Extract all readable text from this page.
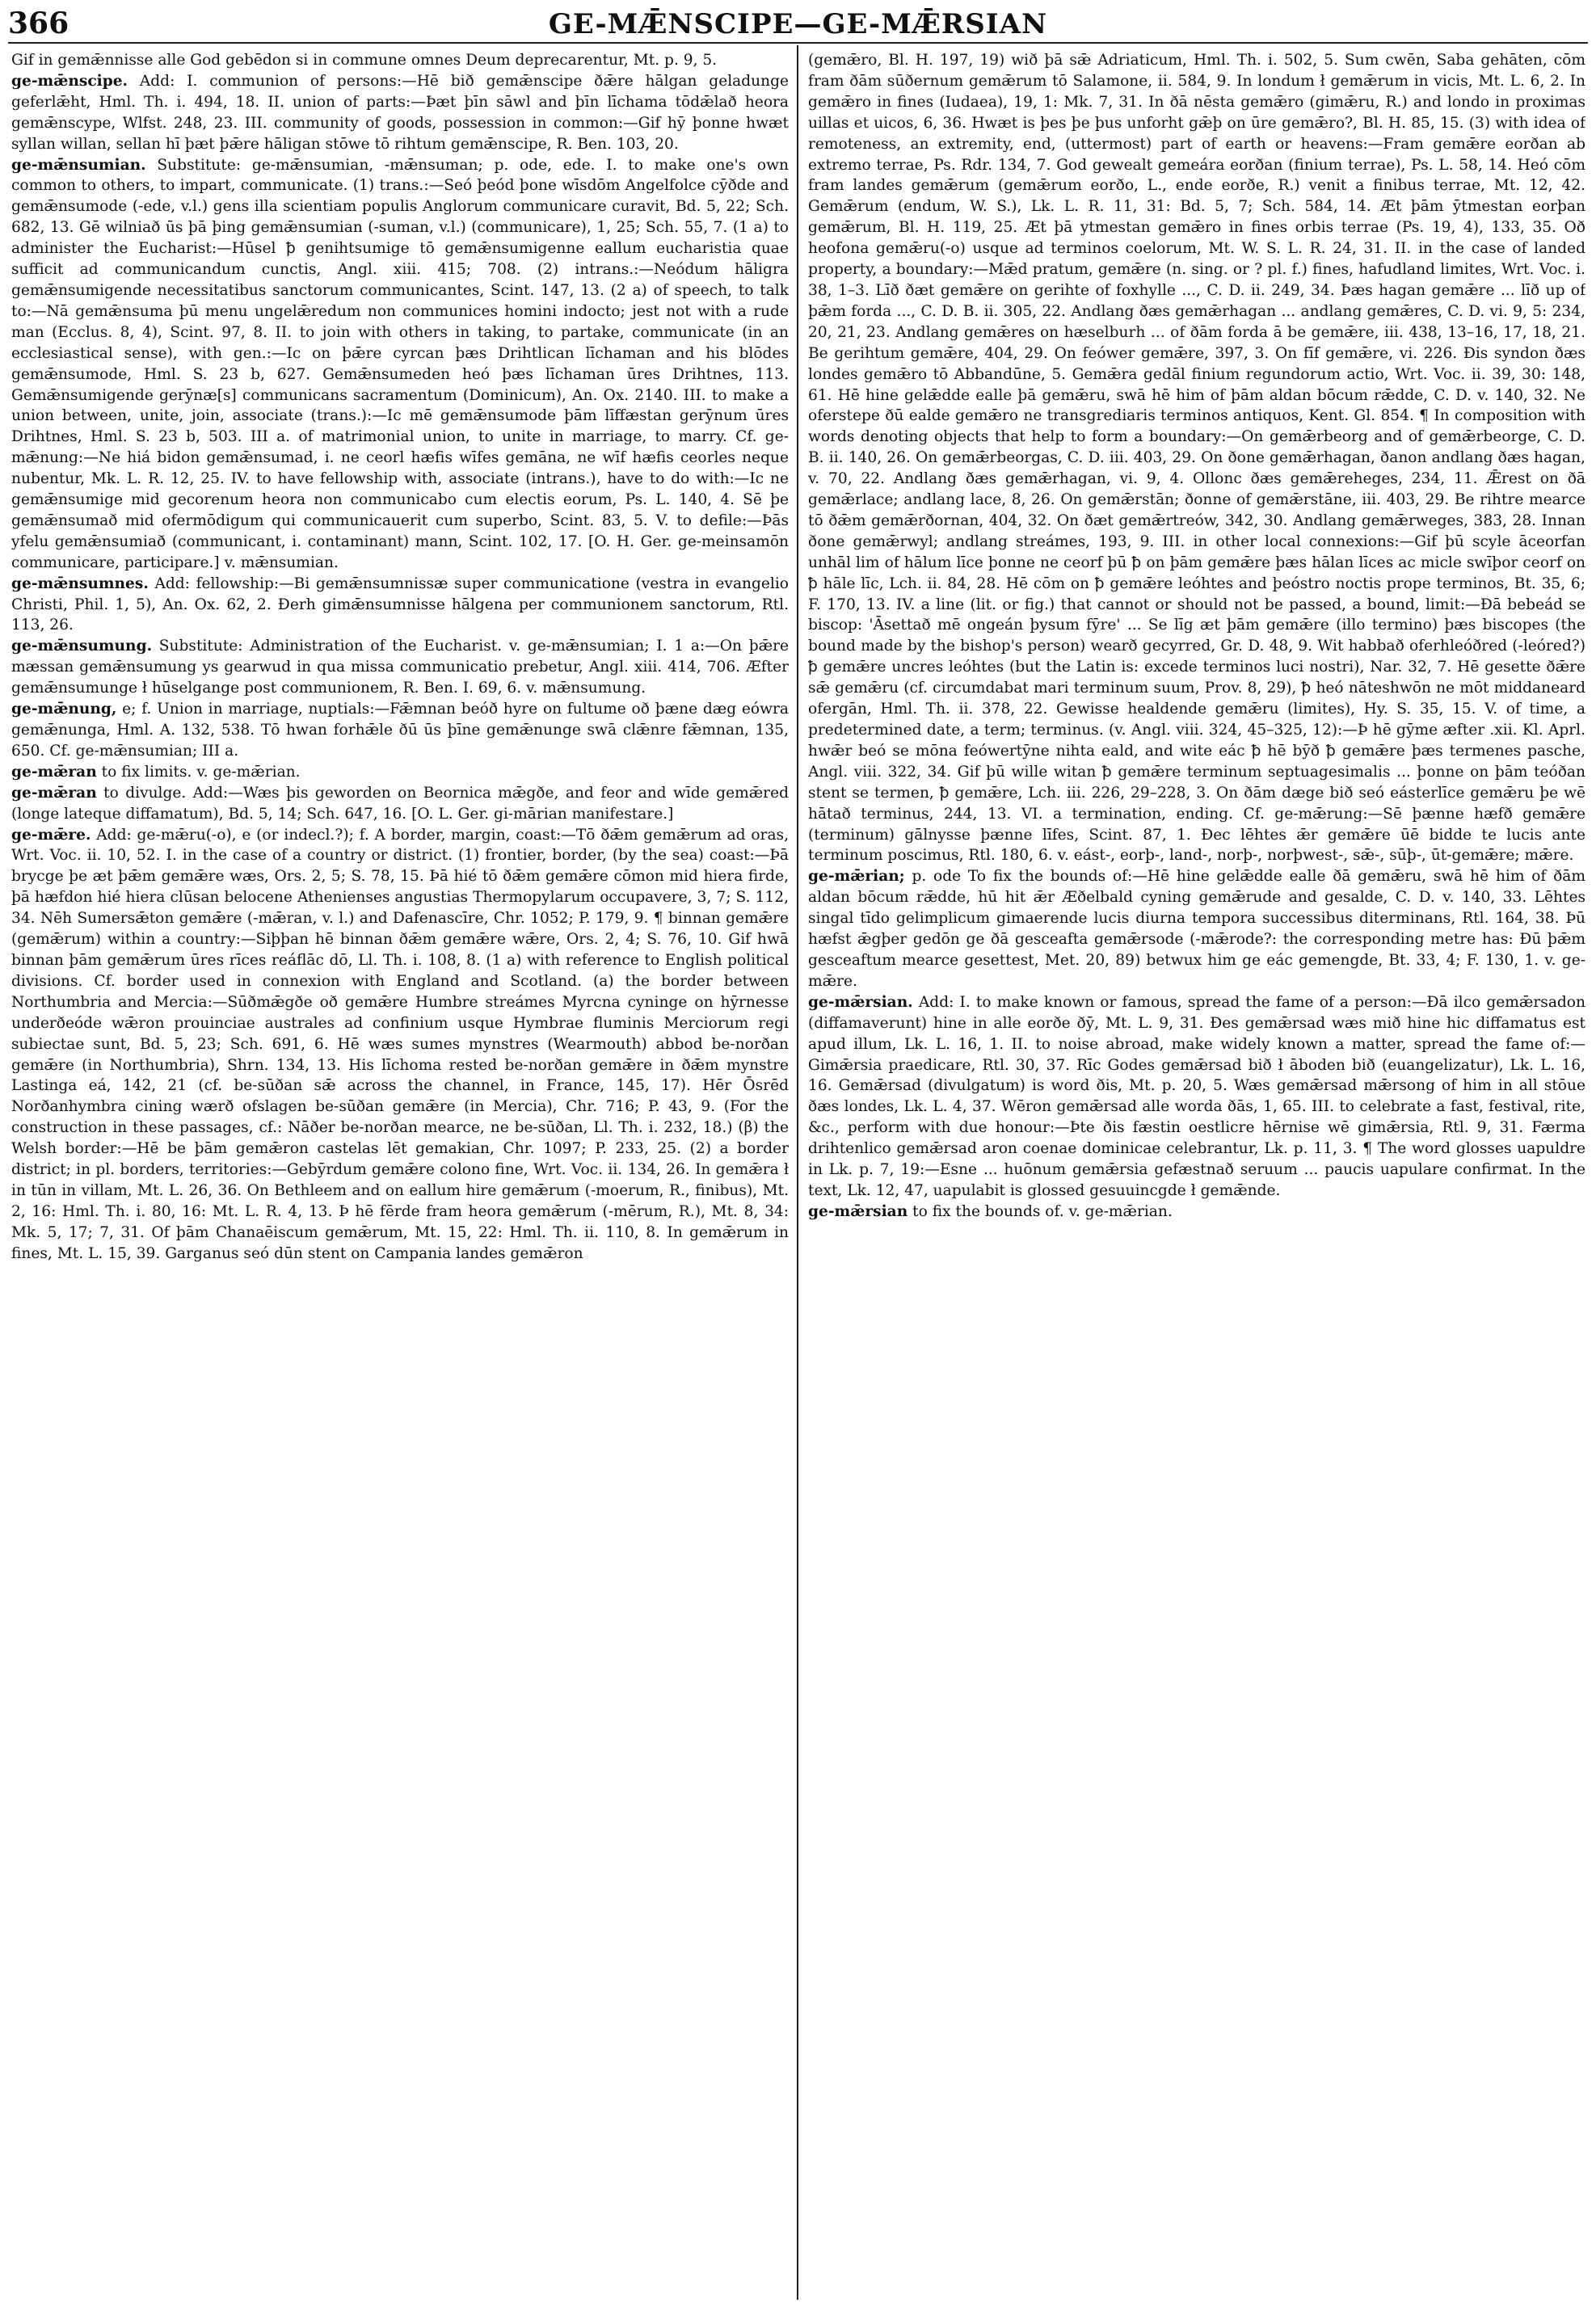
366	GE-MǢNSCIPE—GE-MǢRSIAN

Gif in gemǣnnisse alle God gebēdon si in commune omnes Deum deprecarentur, Mt. p. 9, 5.

ge-mǣnscipe. Add: I. communion of persons:—Hē bið gemǣnscipe ðǣre hālgan geladunge geferlǣht, Hml. Th. i. 494, 18. II. union of parts:—Þæt þīn sāwl and þīn līchama tōdǣlað heora gemǣnscype, Wlfst. 248, 23. III. community of goods, possession in common:—Gif hȳ þonne hwæt syllan willan, sellan hī þæt þǣre hāligan stōwe tō rihtum gemǣnscipe, R. Ben. 103, 20.

ge-mǣnsumian. Substitute: ge-mǣnsumian, -mǣnsuman; p. ode, ede. I. to make one's own common to others, to impart, communicate. (1) trans.:—Seó þeód þone wīsdōm Angelfolce cȳðde and gemǣnsumode (-ede, v.l.) gens illa scientiam populis Anglorum communicare curavit, Bd. 5, 22; Sch. 682, 13. Gē wilniað ūs þā þing gemǣnsumian (-suman, v.l.) (communicare), 1, 25; Sch. 55, 7. (1 a) to administer the Eucharist:—Hūsel ꝥ genihtsumige tō gemǣnsumigenne eallum eucharistia quae sufficit ad communicandum cunctis, Angl. xiii. 415; 708. (2) intrans.:—Neódum hāligra gemǣnsumigende necessitatibus sanctorum communicantes, Scint. 147, 13. (2 a) of speech, to talk to:—Nā gemǣnsuma þū menu ungelǣredum non communices homini indocto; jest not with a rude man (Ecclus. 8, 4), Scint. 97, 8. II. to join with others in taking, to partake, communicate (in an ecclesiastical sense), with gen.:—Ic on þǣre cyrcan þæs Drihtlican līchaman and his blōdes gemǣnsumode, Hml. S. 23 b, 627. Gemǣnsumeden heó þæs līchaman ūres Drihtnes, 113. Gemǣnsumigende gerȳnæ[s] communicans sacramentum (Dominicum), An. Ox. 2140. III. to make a union between, unite, join, associate (trans.):—Ic mē gemǣnsumode þām līffæstan gerȳnum ūres Drihtnes, Hml. S. 23 b, 503. III a. of matrimonial union, to unite in marriage, to marry. Cf. ge-mǣnung:—Ne hiá bidon gemǣnsumad, i. ne ceorl hæfis wīfes gemāna, ne wīf hæfis ceorles neque nubentur, Mk. L. R. 12, 25. IV. to have fellowship with, associate (intrans.), have to do with:—Ic ne gemǣnsumige mid gecorenum heora non communicabo cum electis eorum, Ps. L. 140, 4. Sē þe gemǣnsumað mid ofermōdigum qui communicauerit cum superbo, Scint. 83, 5. V. to defile:—Þās yfelu gemǣnsumiað (communicant, i. contaminant) mann, Scint. 102, 17. [O. H. Ger. ge-meinsamōn communicare, participare.] v. mǣnsumian.

ge-mǣnsumnes. Add: fellowship:—Bi gemǣnsumnissæ super communicatione (vestra in evangelio Christi, Phil. 1, 5), An. Ox. 62, 2. Ðerh gimǣnsumnisse hālgena per communionem sanctorum, Rtl. 113, 26.

ge-mǣnsumung. Substitute: Administration of the Eucharist. v. ge-mǣnsumian; I. 1 a:—On þǣre mæssan gemǣnsumung ys gearwud in qua missa communicatio prebetur, Angl. xiii. 414, 706. Æfter gemǣnsumunge ł hūselgange post communionem, R. Ben. I. 69, 6. v. mǣnsumung.

ge-mǣnung, e; f. Union in marriage, nuptials:—Fǣmnan beóð hyre on fultume oð þæne dæg eówra gemǣnunga, Hml. A. 132, 538. Tō hwan forhǣle ðū ūs þīne gemǣnunge swā clǣnre fǣmnan, 135, 650. Cf. ge-mǣnsumian; III a.

ge-mǣran to fix limits. v. ge-mǣrian.

ge-mǣran to divulge. Add:—Wæs þis geworden on Beornica mǣgðe, and feor and wīde gemǣred (longe lateque diffamatum), Bd. 5, 14; Sch. 647, 16. [O. L. Ger. gi-mārian manifestare.]

ge-mǣre. Add: ge-mǣru(-o), e (or indecl.?); f. A border, margin, coast:—Tō ðǣm gemǣrum ad oras, Wrt. Voc. ii. 10, 52. I. in the case of a country or district. (1) frontier, border, (by the sea) coast:—Þā brycge þe æt þǣm gemǣre wæs, Ors. 2, 5; S. 78, 15. Þā hié tō ðǣm gemǣre cōmon mid hiera firde, þā hæfdon hié hiera clūsan belocene Athenienses angustias Thermopylarum occupavere, 3, 7; S. 112, 34. Nēh Sumersǣton gemǣre (-mǣran, v. l.) and Dafenascīre, Chr. 1052; P. 179, 9. ¶ binnan gemǣre (gemǣrum) within a country:—Siþþan hē binnan ðǣm gemǣre wǣre, Ors. 2, 4; S. 76, 10. Gif hwā binnan þām gemǣrum ūres rīces reáflāc dō, Ll. Th. i. 108, 8. (1 a) with reference to English political divisions. Cf. border used in connexion with England and Scotland. (a) the border between Northumbria and Mercia:—Sūðmǣgðe oð gemǣre Humbre streámes Myrcna cyninge on hȳrnesse underðeóde wǣron prouinciae australes ad confinium usque Hymbrae fluminis Merciorum regi subiectae sunt, Bd. 5, 23; Sch. 691, 6. Hē wæs sumes mynstres (Wearmouth) abbod be-norðan gemǣre (in Northumbria), Shrn. 134, 13. His līchoma rested be-norðan gemǣre in ðǣm mynstre Lastinga eá, 142, 21 (cf. be-sūðan sǣ across the channel, in France, 145, 17). Hēr Ōsrēd Norðanhymbra cining wærð ofslagen be-sūðan gemǣre (in Mercia), Chr. 716; P. 43, 9. (For the construction in these passages, cf.: Nāðer be-norðan mearce, ne be-sūðan, Ll. Th. i. 232, 18.) (β) the Welsh border:—Hē be þām gemǣron castelas lēt gemakian, Chr. 1097; P. 233, 25. (2) a border district; in pl. borders, territories:—Gebȳrdum gemǣre colono fine, Wrt. Voc. ii. 134, 26. In gemǣra ł in tūn in villam, Mt. L. 26, 36. On Bethleem and on eallum hire gemǣrum (-moerum, R., finibus), Mt. 2, 16: Hml. Th. i. 80, 16: Mt. L. R. 4, 13. Þ hē fērde fram heora gemǣrum (-mērum, R.), Mt. 8, 34: Mk. 5, 17; 7, 31. Of þām Chanaēiscum gemǣrum, Mt. 15, 22: Hml. Th. ii. 110, 8. In gemǣrum in fines, Mt. L. 15, 39. Garganus seó dūn stent on Campania landes gemǣron

(gemǣro, Bl. H. 197, 19) wið þā sǣ Adriaticum, Hml. Th. i. 502, 5. Sum cwēn, Saba gehāten, cōm fram ðām sūðernum gemǣrum tō Salamone, ii. 584, 9. In londum ł gemǣrum in vicis, Mt. L. 6, 2. In gemǣro in fines (Iudaea), 19, 1: Mk. 7, 31. In ðā nēsta gemǣro (gimǣru, R.) and londo in proximas uillas et uicos, 6, 36. Hwæt is þes þe þus unforht gǣþ on ūre gemǣro?, Bl. H. 85, 15. (3) with idea of remoteness, an extremity, end, (uttermost) part of earth or heavens:—Fram gemǣre eorðan ab extremo terrae, Ps. Rdr. 134, 7. God gewealt gemeára eorðan (finium terrae), Ps. L. 58, 14. Heó cōm fram landes gemǣrum (gemǣrum eorðo, L., ende eorðe, R.) venit a finibus terrae, Mt. 12, 42. Gemǣrum (endum, W. S.), Lk. L. R. 11, 31: Bd. 5, 7; Sch. 584, 14. Æt þām ȳtmestan eorþan gemǣrum, Bl. H. 119, 25. Æt þā ytmestan gemǣro in fines orbis terrae (Ps. 19, 4), 133, 35. Oð heofona gemǣru(-o) usque ad terminos coelorum, Mt. W. S. L. R. 24, 31. II. in the case of landed property, a boundary:—Mǣd pratum, gemǣre (n. sing. or ? pl. f.) fines, hafudland limites, Wrt. Voc. i. 38, 1–3. Līð ðæt gemǣre on gerihte of foxhylle ..., C. D. ii. 249, 34. Þæs hagan gemǣre ... līð up of þǣm forda ..., C. D. B. ii. 305, 22. Andlang ðæs gemǣrhagan ... andlang gemǣres, C. D. vi. 9, 5: 234, 20, 21, 23. Andlang gemǣres on hæselburh ... of ðām forda ā be gemǣre, iii. 438, 13–16, 17, 18, 21. Be gerihtum gemǣre, 404, 29. On feówer gemǣre, 397, 3. On fīf gemǣre, vi. 226. Ðis syndon ðæs londes gemǣro tō Abbandūne, 5. Gemǣra gedāl finium regundorum actio, Wrt. Voc. ii. 39, 30: 148, 61. Hē hine gelǣdde ealle þā gemǣru, swā hē him of þām aldan bōcum rǣdde, C. D. v. 140, 32. Ne oferstepe ðū ealde gemǣro ne transgrediaris terminos antiquos, Kent. Gl. 854. ¶ In composition with words denoting objects that help to form a boundary:—On gemǣrbeorg and of gemǣrbeorge, C. D. B. ii. 140, 26. On gemǣrbeorgas, C. D. iii. 403, 29. On ðone gemǣrhagan, ðanon andlang ðæs hagan, v. 70, 22. Andlang ðæs gemǣrhagan, vi. 9, 4. Ollonc ðæs gemǣreheges, 234, 11. Ǣrest on ðā gemǣrlace; andlang lace, 8, 26. On gemǣrstān; ðonne of gemǣrstāne, iii. 403, 29. Be rihtre mearce tō ðǣm gemǣrðornan, 404, 32. On ðæt gemǣrtreów, 342, 30. Andlang gemǣrweges, 383, 28. Innan ðone gemǣrwyl; andlang streámes, 193, 9. III. in other local connexions:—Gif þū scyle āceorfan unhāl lim of hālum līce þonne ne ceorf þū ꝥ on þām gemǣre þæs hālan līces ac micle swīþor ceorf on ꝥ hāle līc, Lch. ii. 84, 28. Hē cōm on ꝥ gemǣre leóhtes and þeóstro noctis prope terminos, Bt. 35, 6; F. 170, 13. IV. a line (lit. or fig.) that cannot or should not be passed, a bound, limit:—Ðā bebeád se biscop: 'Āsettað mē ongeán þysum fȳre' ... Se līg æt þām gemǣre (illo termino) þæs biscopes (the bound made by the bishop's person) wearð gecyrred, Gr. D. 48, 9. Wit habbað oferhleóðred (-leóred?) ꝥ gemǣre uncres leóhtes (but the Latin is: excede terminos luci nostri), Nar. 32, 7. Hē gesette ðǣre sǣ gemǣru (cf. circumdabat mari terminum suum, Prov. 8, 29), ꝥ heó nāteshwōn ne mōt middaneard ofergān, Hml. Th. ii. 378, 22. Gewisse healdende gemǣru (limites), Hy. S. 35, 15. V. of time, a predetermined date, a term; terminus. (v. Angl. viii. 324, 45–325, 12):—Þ hē gȳme æfter .xii. Kl. Aprl. hwǣr beó se mōna feówertȳne nihta eald, and wite eác ꝥ hē bȳð ꝥ gemǣre þæs termenes pasche, Angl. viii. 322, 34. Gif þū wille witan ꝥ gemǣre terminum septuagesimalis ... þonne on þām teóðan stent se termen, ꝥ gemǣre, Lch. iii. 226, 29–228, 3. On ðām dæge bið seó eásterlīce gemǣru þe wē hātað terminus, 244, 13. VI. a termination, ending. Cf. ge-mǣrung:—Sē þænne hæfð gemǣre (terminum) gālnysse þænne līfes, Scint. 87, 1. Ðec lēhtes ǣr gemǣre ūē bidde te lucis ante terminum poscimus, Rtl. 180, 6. v. eást-, eorþ-, land-, norþ-, norþwest-, sǣ-, sūþ-, ūt-gemǣre; mǣre.

ge-mǣrian; p. ode To fix the bounds of:—Hē hine gelǣdde ealle ðā gemǣru, swā hē him of ðām aldan bōcum rǣdde, hū hit ǣr Æðelbald cyning gemǣrude and gesalde, C. D. v. 140, 33. Lēhtes singal tīdo gelimplicum gimaerende lucis diurna tempora successibus diterminans, Rtl. 164, 38. Þū hæfst ǣgþer gedōn ge ðā gesceafta gemǣrsode (-mǣrode?: the corresponding metre has: Ðū þǣm gesceaftum mearce gesettest, Met. 20, 89) betwux him ge eác gemengde, Bt. 33, 4; F. 130, 1. v. ge-mǣre.

ge-mǣrsian. Add: I. to make known or famous, spread the fame of a person:—Ðā ilco gemǣrsadon (diffamaverunt) hine in alle eorðe ðȳ, Mt. L. 9, 31. Ðes gemǣrsad wæs mið hine hic diffamatus est apud illum, Lk. L. 16, 1. II. to noise abroad, make widely known a matter, spread the fame of:—Gimǣrsia praedicare, Rtl. 30, 37. Rīc Godes gemǣrsad bið ł āboden bið (euangelizatur), Lk. L. 16, 16. Gemǣrsad (divulgatum) is word ðis, Mt. p. 20, 5. Wæs gemǣrsad mǣrsong of him in all stōue ðæs londes, Lk. L. 4, 37. Wēron gemǣrsad alle worda ðās, 1, 65. III. to celebrate a fast, festival, rite, &c., perform with due honour:—Þte ðis fæstin oestlicre hērnise wē gimǣrsia, Rtl. 9, 31. Færma drihtenlico gemǣrsad aron coenae dominicae celebrantur, Lk. p. 11, 3. ¶ The word glosses uapuldre in Lk. p. 7, 19:—Esne ... huōnum gemǣrsia gefæstnað seruum ... paucis uapulare confirmat. In the text, Lk. 12, 47, uapulabit is glossed gesuuincgde ł gemǣnde.

ge-mǣrsian to fix the bounds of. v. ge-mǣrian.
